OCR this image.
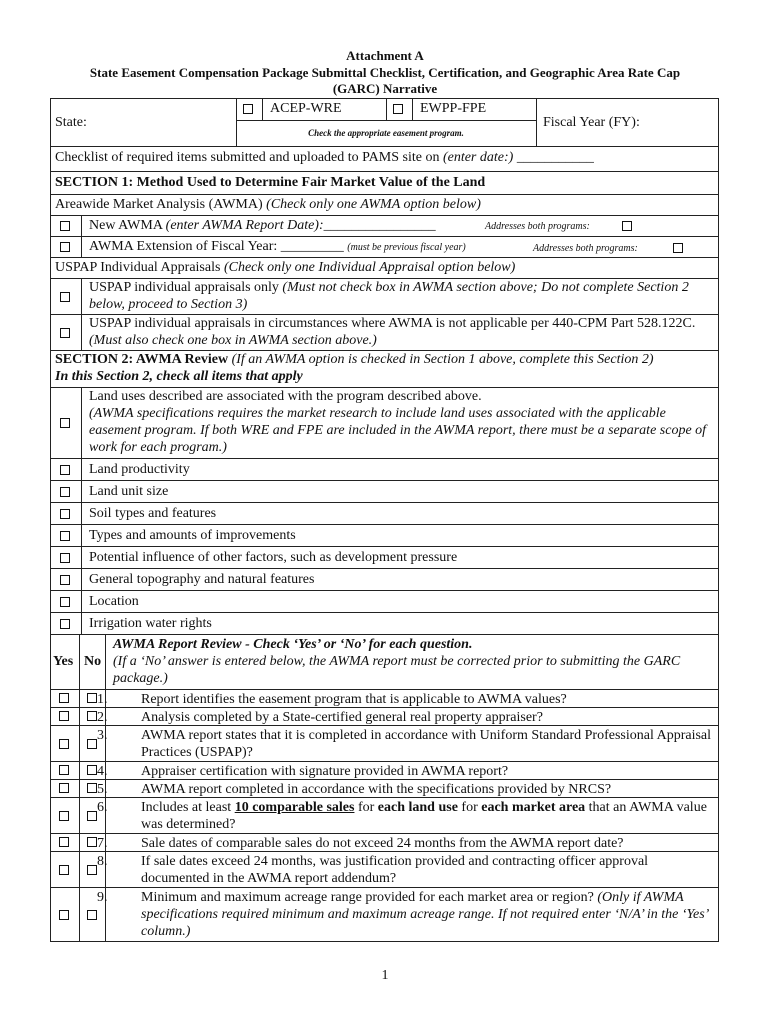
Attachment A
State Easement Compensation Package Submittal Checklist, Certification, and Geographic Area Rate Cap
(GARC) Narrative
State:
ACEP-WRE	EWPP-FPE
Check the appropriate easement program.
Fiscal Year (FY):
Checklist of required items submitted and uploaded to PAMS site on (enter date:) ___________
SECTION 1: Method Used to Determine Fair Market Value of the Land
Areawide Market Analysis (AWMA) (Check only one AWMA option below)
New AWMA (enter AWMA Report Date):________________	Addresses both programs:
AWMA Extension of Fiscal Year: _________ (must be previous fiscal year)	Addresses both programs:
USPAP Individual Appraisals (Check only one Individual Appraisal option below)
USPAP individual appraisals only (Must not check box in AWMA section above; Do not complete Section 2 below, proceed to Section 3)
USPAP individual appraisals in circumstances where AWMA is not applicable per 440-CPM Part 528.122C. (Must also check one box in AWMA section above.)
SECTION 2: AWMA Review (If an AWMA option is checked in Section 1 above, complete this Section 2)
In this Section 2, check all items that apply
Land uses described are associated with the program described above.
(AWMA specifications requires the market research to include land uses associated with the applicable easement program. If both WRE and FPE are included in the AWMA report, there must be a separate scope of work for each program.)
Land productivity
Land unit size
Soil types and features
Types and amounts of improvements
Potential influence of other factors, such as development pressure
General topography and natural features
Location
Irrigation water rights
Yes No
AWMA Report Review - Check ‘Yes’ or ‘No’ for each question.
(If a ‘No’ answer is entered below, the AWMA report must be corrected prior to submitting the GARC package.)
1. Report identifies the easement program that is applicable to AWMA values?
2. Analysis completed by a State-certified general real property appraiser?
3. AWMA report states that it is completed in accordance with Uniform Standard Professional Appraisal Practices (USPAP)?
4. Appraiser certification with signature provided in AWMA report?
5. AWMA report completed in accordance with the specifications provided by NRCS?
6. Includes at least 10 comparable sales for each land use for each market area that an AWMA value was determined?
7. Sale dates of comparable sales do not exceed 24 months from the AWMA report date?
8. If sale dates exceed 24 months, was justification provided and contracting officer approval documented in the AWMA report addendum?
9. Minimum and maximum acreage range provided for each market area or region? (Only if AWMA specifications required minimum and maximum acreage range. If not required enter ‘N/A’ in the ‘Yes’ column.)
1
